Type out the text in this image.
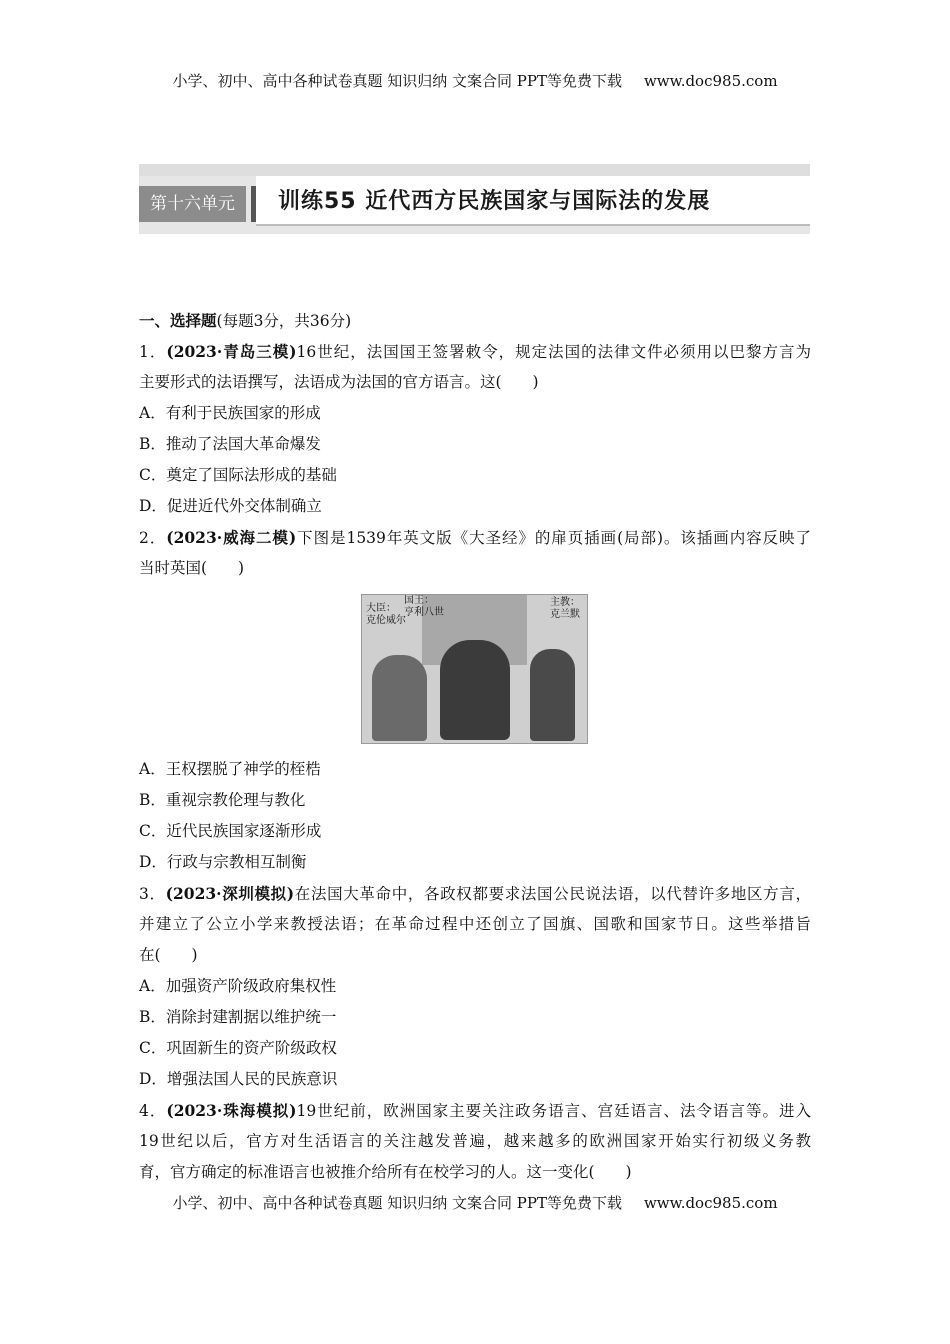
小学、初中、高中各种试卷真题 知识归纳 文案合同 PPT等免费下载 www.doc985.com
第十六单元	训练55 近代西方民族国家与国际法的发展
一、选择题(每题3分，共36分)
1．(2023·青岛三模)16世纪，法国国王签署敕令，规定法国的法律文件必须用以巴黎方言为
主要形式的法语撰写，法语成为法国的官方语言。这(　　)
A．有利于民族国家的形成
B．推动了法国大革命爆发
C．奠定了国际法形成的基础
D．促进近代外交体制确立
2．(2023·威海二模)下图是1539年英文版《大圣经》的扉页插画(局部)。该插画内容反映了
当时英国(　　)
大臣：
克伦威尔
国王：
亨利八世
主教：
克兰默
A．王权摆脱了神学的桎梏
B．重视宗教伦理与教化
C．近代民族国家逐渐形成
D．行政与宗教相互制衡
3．(2023·深圳模拟)在法国大革命中，各政权都要求法国公民说法语，以代替许多地区方言，
并建立了公立小学来教授法语；在革命过程中还创立了国旗、国歌和国家节日。这些举措旨
在(　　)
A．加强资产阶级政府集权性
B．消除封建割据以维护统一
C．巩固新生的资产阶级政权
D．增强法国人民的民族意识
4．(2023·珠海模拟)19世纪前，欧洲国家主要关注政务语言、宫廷语言、法令语言等。进入
19世纪以后，官方对生活语言的关注越发普遍，越来越多的欧洲国家开始实行初级义务教
育，官方确定的标准语言也被推介给所有在校学习的人。这一变化(　　)
小学、初中、高中各种试卷真题 知识归纳 文案合同 PPT等免费下载 www.doc985.com
